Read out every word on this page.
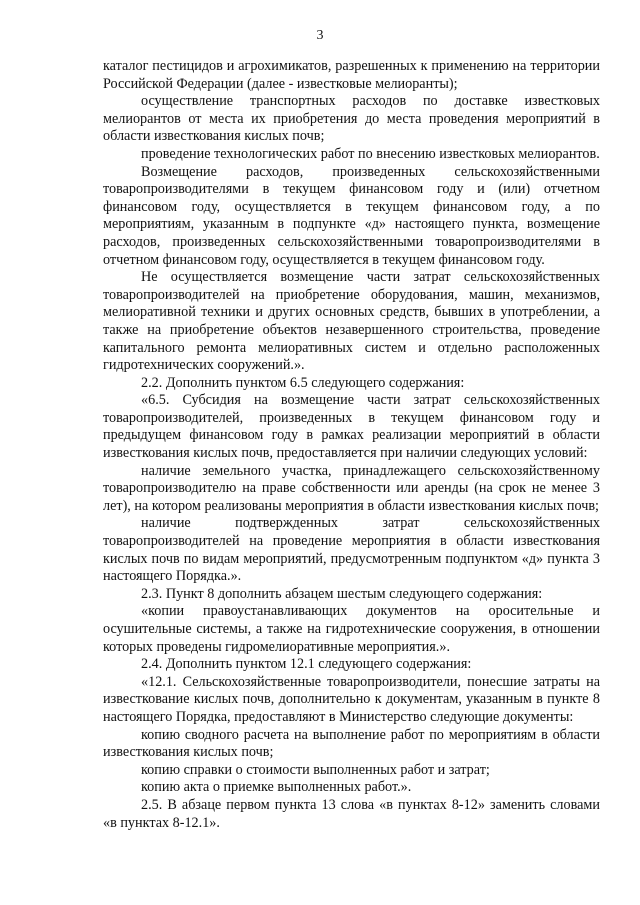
3

каталог пестицидов и агрохимикатов, разрешенных к применению на территории Российской Федерации (далее - известковые мелиоранты);

осуществление транспортных расходов по доставке известковых мелиорантов от места их приобретения до места проведения мероприятий в области известкования кислых почв;

проведение технологических работ по внесению известковых мелиорантов.

Возмещение расходов, произведенных сельскохозяйственными товаропроизводителями в текущем финансовом году и (или) отчетном финансовом году, осуществляется в текущем финансовом году, а по мероприятиям, указанным в подпункте «д» настоящего пункта, возмещение расходов, произведенных сельскохозяйственными товаропроизводителями в отчетном финансовом году, осуществляется в текущем финансовом году.

Не осуществляется возмещение части затрат сельскохозяйственных товаропроизводителей на приобретение оборудования, машин, механизмов, мелиоративной техники и других основных средств, бывших в употреблении, а также на приобретение объектов незавершенного строительства, проведение капитального ремонта мелиоративных систем и отдельно расположенных гидротехнических сооружений.».

2.2. Дополнить пунктом 6.5 следующего содержания:

«6.5. Субсидия на возмещение части затрат сельскохозяйственных товаропроизводителей, произведенных в текущем финансовом году и предыдущем финансовом году в рамках реализации мероприятий в области известкования кислых почв, предоставляется при наличии следующих условий:

наличие земельного участка, принадлежащего сельскохозяйственному товаропроизводителю на праве собственности или аренды (на срок не менее 3 лет), на котором реализованы мероприятия в области известкования кислых почв;

наличие подтвержденных затрат сельскохозяйственных товаропроизводителей на проведение мероприятия в области известкования кислых почв по видам мероприятий, предусмотренным подпунктом «д» пункта 3 настоящего Порядка.».

2.3. Пункт 8 дополнить абзацем шестым следующего содержания:

«копии правоустанавливающих документов на оросительные и осушительные системы, а также на гидротехнические сооружения, в отношении которых проведены гидромелиоративные мероприятия.».

2.4. Дополнить пунктом 12.1 следующего содержания:

«12.1. Сельскохозяйственные товаропроизводители, понесшие затраты на известкование кислых почв, дополнительно к документам, указанным в пункте 8 настоящего Порядка, предоставляют в Министерство следующие документы:

копию сводного расчета на выполнение работ по мероприятиям в области известкования кислых почв;

копию справки о стоимости выполненных работ и затрат;

копию акта о приемке выполненных работ.».

2.5. В абзаце первом пункта 13 слова «в пунктах 8-12» заменить словами «в пунктах 8-12.1».
